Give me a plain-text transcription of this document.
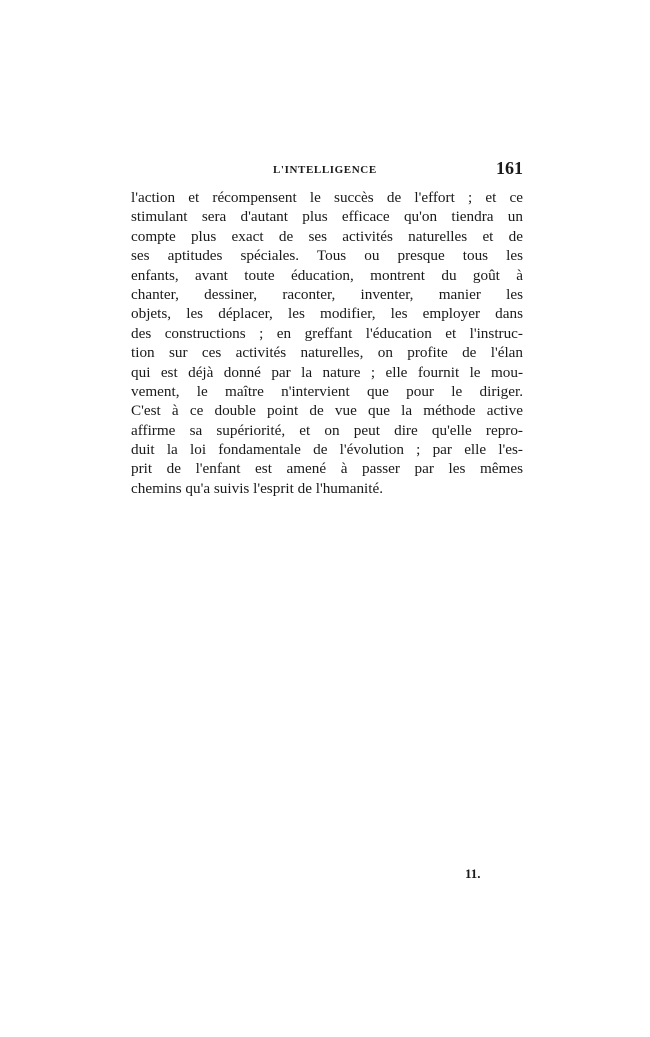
L'INTELLIGENCE	161
l'action et récompensent le succès de l'effort ; et ce
stimulant sera d'autant plus efficace qu'on tiendra un
compte plus exact de ses activités naturelles et de
ses aptitudes spéciales. Tous ou presque tous les
enfants, avant toute éducation, montrent du goût à
chanter, dessiner, raconter, inventer, manier les
objets, les déplacer, les modifier, les employer dans
des constructions ; en greffant l'éducation et l'instruc-
tion sur ces activités naturelles, on profite de l'élan
qui est déjà donné par la nature ; elle fournit le mou-
vement, le maître n'intervient que pour le diriger.
C'est à ce double point de vue que la méthode active
affirme sa supériorité, et on peut dire qu'elle repro-
duit la loi fondamentale de l'évolution ; par elle l'es-
prit de l'enfant est amené à passer par les mêmes
chemins qu'a suivis l'esprit de l'humanité.
11.
